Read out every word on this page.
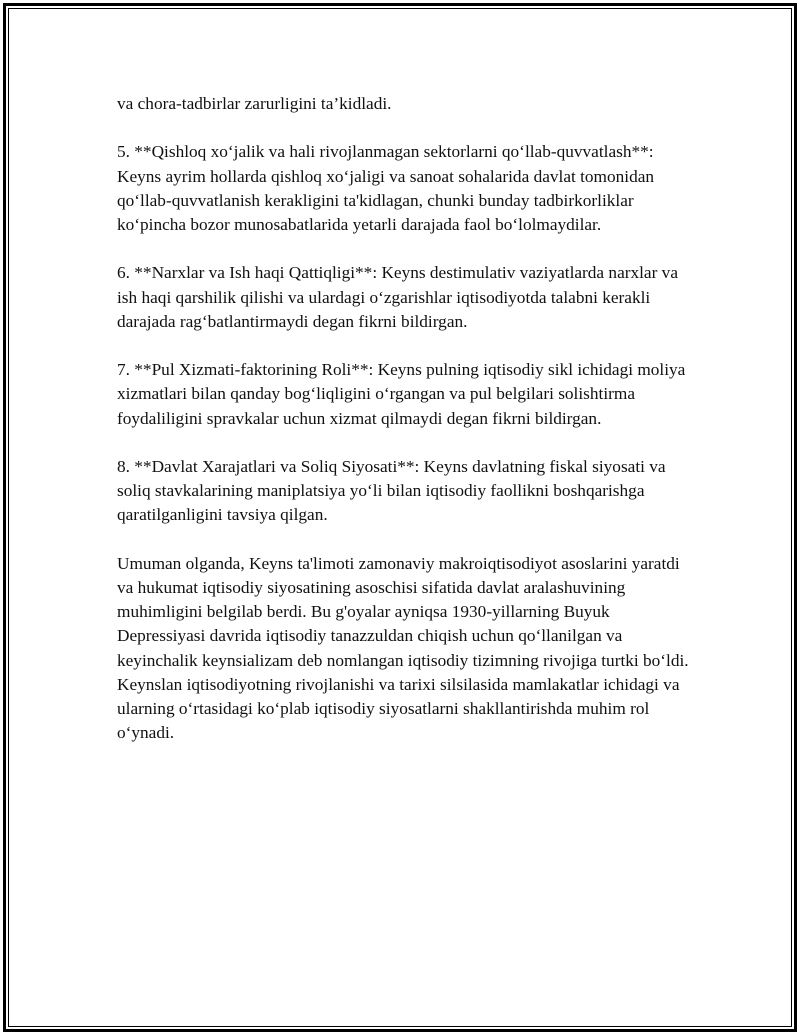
va chora-tadbirlar zarurligini ta’kidladi.

5. **Qishloq xo‘jalik va hali rivojlanmagan sektorlarni qo‘llab-quvvatlash**: Keyns ayrim hollarda qishloq xo‘jaligi va sanoat sohalarida davlat tomonidan qo‘llab-quvvatlanish kerakligini ta'kidlagan, chunki bunday tadbirkorliklar ko‘pincha bozor munosabatlarida yetarli darajada faol bo‘lolmaydilar.

6. **Narxlar va Ish haqi Qattiqligi**: Keyns destimulativ vaziyatlarda narxlar va ish haqi qarshilik qilishi va ulardagi o‘zgarishlar iqtisodiyotda talabni kerakli darajada rag‘batlantirmaydi degan fikrni bildirgan.

7. **Pul Xizmati-faktorining Roli**: Keyns pulning iqtisodiy sikl ichidagi moliya xizmatlari bilan qanday bog‘liqligini o‘rgangan va pul belgilari solishtirma foydaliligini spravkalar uchun xizmat qilmaydi degan fikrni bildirgan.

8. **Davlat Xarajatlari va Soliq Siyosati**: Keyns davlatning fiskal siyosati va soliq stavkalarining maniplatsiya yo‘li bilan iqtisodiy faollikni boshqarishga qaratilganligini tavsiya qilgan.

Umuman olganda, Keyns ta'limoti zamonaviy makroiqtisodiyot asoslarini yaratdi va hukumat iqtisodiy siyosatining asoschisi sifatida davlat aralashuvining muhimligini belgilab berdi. Bu g'oyalar ayniqsa 1930-yillarning Buyuk Depressiyasi davrida iqtisodiy tanazzuldan chiqish uchun qo‘llanilgan va keyinchalik keynsializam deb nomlangan iqtisodiy tizimning rivojiga turtki bo‘ldi. Keynslan iqtisodiyotning rivojlanishi va tarixi silsilasida mamlakatlar ichidagi va ularning o‘rtasidagi ko‘plab iqtisodiy siyosatlarni shakllantirishda muhim rol o‘ynadi.
